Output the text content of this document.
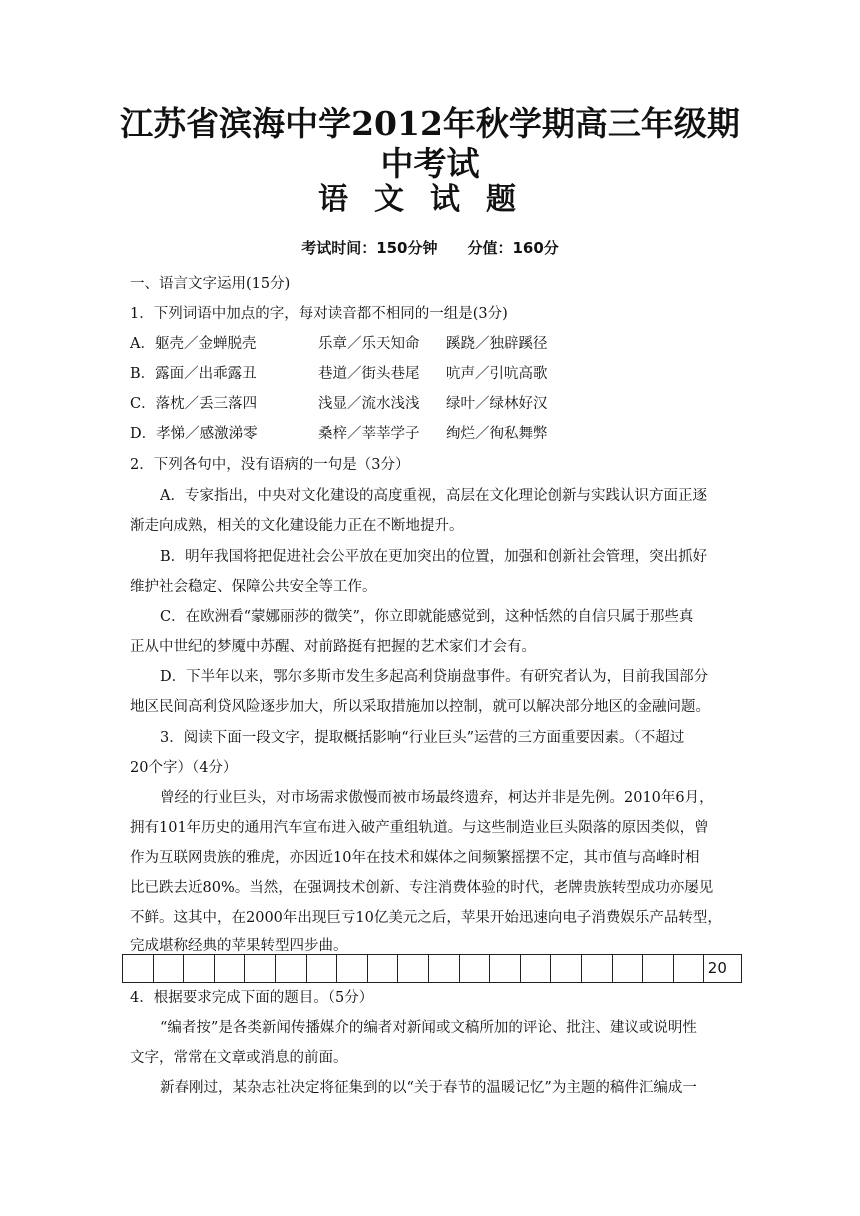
江苏省滨海中学2012年秋学期高三年级期中考试
语文试题
考试时间：150分钟 分值：160分
一、语言文字运用(15分)
1．下列词语中加点的字，每对读音都不相同的一组是(3分)
A．躯壳／金蝉脱壳	乐章／乐天知命 蹊跷／独辟蹊径
B．露面／出乖露丑	巷道／街头巷尾 吭声／引吭高歌
C．落枕／丢三落四	浅显／流水浅浅 绿叶／绿林好汉
D．孝悌／感激涕零	桑梓／莘莘学子 绚烂／徇私舞弊
2．下列各句中，没有语病的一句是（3分）
A．专家指出，中央对文化建设的高度重视，高层在文化理论创新与实践认识方面正逐
渐走向成熟，相关的文化建设能力正在不断地提升。
B．明年我国将把促进社会公平放在更加突出的位置，加强和创新社会管理，突出抓好
维护社会稳定、保障公共安全等工作。
C．在欧洲看“蒙娜丽莎的微笑”，你立即就能感觉到，这种恬然的自信只属于那些真
正从中世纪的梦魇中苏醒、对前路挺有把握的艺术家们才会有。
D．下半年以来，鄂尔多斯市发生多起高利贷崩盘事件。有研究者认为，目前我国部分
地区民间高利贷风险逐步加大，所以采取措施加以控制，就可以解决部分地区的金融问题。
3．阅读下面一段文字，提取概括影响“行业巨头”运营的三方面重要因素。（不超过
20个字）（4分）
曾经的行业巨头，对市场需求傲慢而被市场最终遗弃，柯达并非是先例。2010年6月，
拥有101年历史的通用汽车宣布进入破产重组轨道。与这些制造业巨头陨落的原因类似，曾
作为互联网贵族的雅虎，亦因近10年在技术和媒体之间频繁摇摆不定，其市值与高峰时相
比已跌去近80%。当然，在强调技术创新、专注消费体验的时代，老牌贵族转型成功亦屡见
不鲜。这其中，在2000年出现巨亏10亿美元之后，苹果开始迅速向电子消费娱乐产品转型，
完成堪称经典的苹果转型四步曲。
20
4．根据要求完成下面的题目。（5分）
“编者按”是各类新闻传播媒介的编者对新闻或文稿所加的评论、批注、建议或说明性
文字，常常在文章或消息的前面。
新春刚过，某杂志社决定将征集到的以“关于春节的温暖记忆”为主题的稿件汇编成一
